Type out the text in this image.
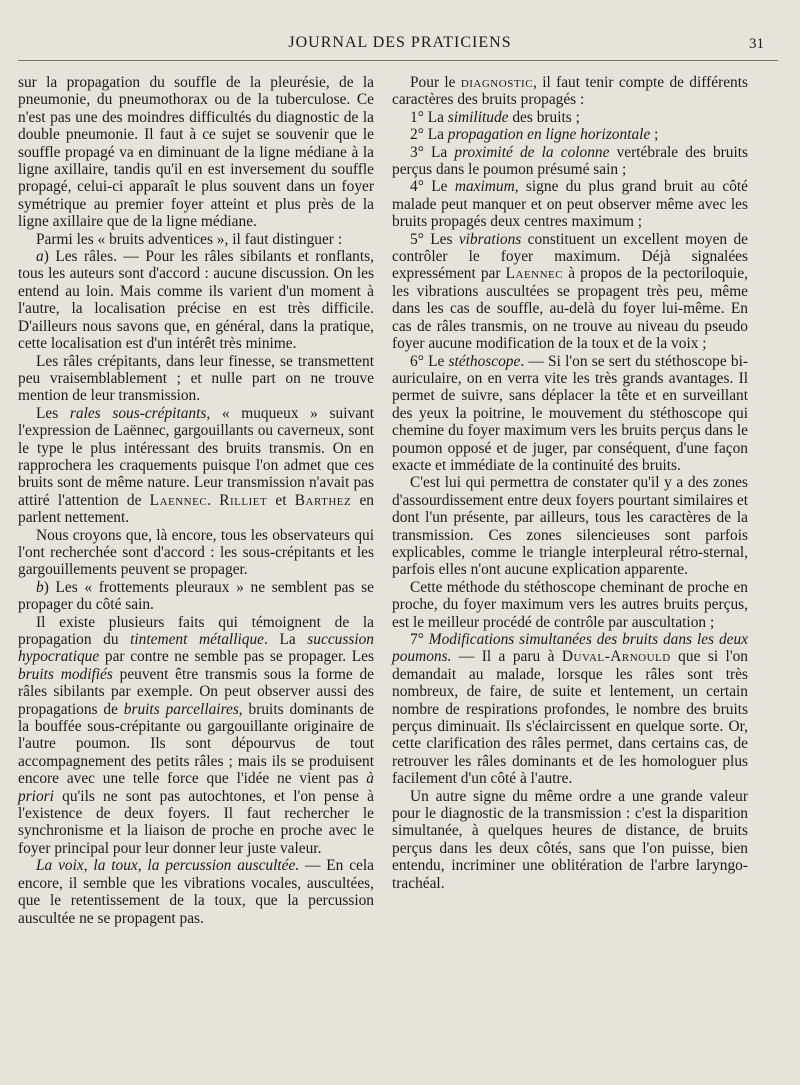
JOURNAL DES PRATICIENS	31

sur la propagation du souffle de la pleurésie, de la pneumonie, du pneumothorax ou de la tuberculose. Ce n'est pas une des moindres difficultés du diagnostic de la double pneumonie. Il faut à ce sujet se souvenir que le souffle propagé va en diminuant de la ligne médiane à la ligne axillaire, tandis qu'il en est inversement du souffle propagé, celui-ci apparaît le plus souvent dans un foyer symétrique au premier foyer atteint et plus près de la ligne axillaire que de la ligne médiane.

Parmi les « bruits adventices », il faut distinguer :

a) Les râles. — Pour les râles sibilants et ronflants, tous les auteurs sont d'accord : aucune discussion. On les entend au loin. Mais comme ils varient d'un moment à l'autre, la localisation précise en est très difficile. D'ailleurs nous savons que, en général, dans la pratique, cette localisation est d'un intérêt très minime.

Les râles crépitants, dans leur finesse, se transmettent peu vraisemblablement ; et nulle part on ne trouve mention de leur transmission.

Les rales sous-crépitants, « muqueux » suivant l'expression de Laënnec, gargouillants ou caverneux, sont le type le plus intéressant des bruits transmis. On en rapprochera les craquements puisque l'on admet que ces bruits sont de même nature. Leur transmission n'avait pas attiré l'attention de Laennec. Rilliet et Barthez en parlent nettement.

Nous croyons que, là encore, tous les observateurs qui l'ont recherchée sont d'accord : les sous-crépitants et les gargouillements peuvent se propager.

b) Les « frottements pleuraux » ne semblent pas se propager du côté sain.

Il existe plusieurs faits qui témoignent de la propagation du tintement métallique. La succussion hypocratique par contre ne semble pas se propager. Les bruits modifiés peuvent être transmis sous la forme de râles sibilants par exemple. On peut observer aussi des propagations de bruits parcellaires, bruits dominants de la bouffée sous-crépitante ou gargouillante originaire de l'autre poumon. Ils sont dépourvus de tout accompagnement des petits râles ; mais ils se produisent encore avec une telle force que l'idée ne vient pas à priori qu'ils ne sont pas autochtones, et l'on pense à l'existence de deux foyers. Il faut rechercher le synchronisme et la liaison de proche en proche avec le foyer principal pour leur donner leur juste valeur.

La voix, la toux, la percussion auscultée. — En cela encore, il semble que les vibrations vocales, auscultées, que le retentissement de la toux, que la percussion auscultée ne se propagent pas.

Pour le diagnostic, il faut tenir compte de différents caractères des bruits propagés :

1° La similitude des bruits ;

2° La propagation en ligne horizontale ;

3° La proximité de la colonne vertébrale des bruits perçus dans le poumon présumé sain ;

4° Le maximum, signe du plus grand bruit au côté malade peut manquer et on peut observer même avec les bruits propagés deux centres maximum ;

5° Les vibrations constituent un excellent moyen de contrôler le foyer maximum. Déjà signalées expressément par Laennec à propos de la pectoriloquie, les vibrations auscultées se propagent très peu, même dans les cas de souffle, au-delà du foyer lui-même. En cas de râles transmis, on ne trouve au niveau du pseudo foyer aucune modification de la toux et de la voix ;

6° Le stéthoscope. — Si l'on se sert du stéthoscope bi-auriculaire, on en verra vite les très grands avantages. Il permet de suivre, sans déplacer la tête et en surveillant des yeux la poitrine, le mouvement du stéthoscope qui chemine du foyer maximum vers les bruits perçus dans le poumon opposé et de juger, par conséquent, d'une façon exacte et immédiate de la continuité des bruits.

C'est lui qui permettra de constater qu'il y a des zones d'assourdissement entre deux foyers pourtant similaires et dont l'un présente, par ailleurs, tous les caractères de la transmission. Ces zones silencieuses sont parfois explicables, comme le triangle interpleural rétro-sternal, parfois elles n'ont aucune explication apparente.

Cette méthode du stéthoscope cheminant de proche en proche, du foyer maximum vers les autres bruits perçus, est le meilleur procédé de contrôle par auscultation ;

7° Modifications simultanées des bruits dans les deux poumons. — Il a paru à Duval-Arnould que si l'on demandait au malade, lorsque les râles sont très nombreux, de faire, de suite et lentement, un certain nombre de respirations profondes, le nombre des bruits perçus diminuait. Ils s'éclaircissent en quelque sorte. Or, cette clarification des râles permet, dans certains cas, de retrouver les râles dominants et de les homologuer plus facilement d'un côté à l'autre.

Un autre signe du même ordre a une grande valeur pour le diagnostic de la transmission : c'est la disparition simultanée, à quelques heures de distance, de bruits perçus dans les deux côtés, sans que l'on puisse, bien entendu, incriminer une oblitération de l'arbre laryngo-trachéal.
